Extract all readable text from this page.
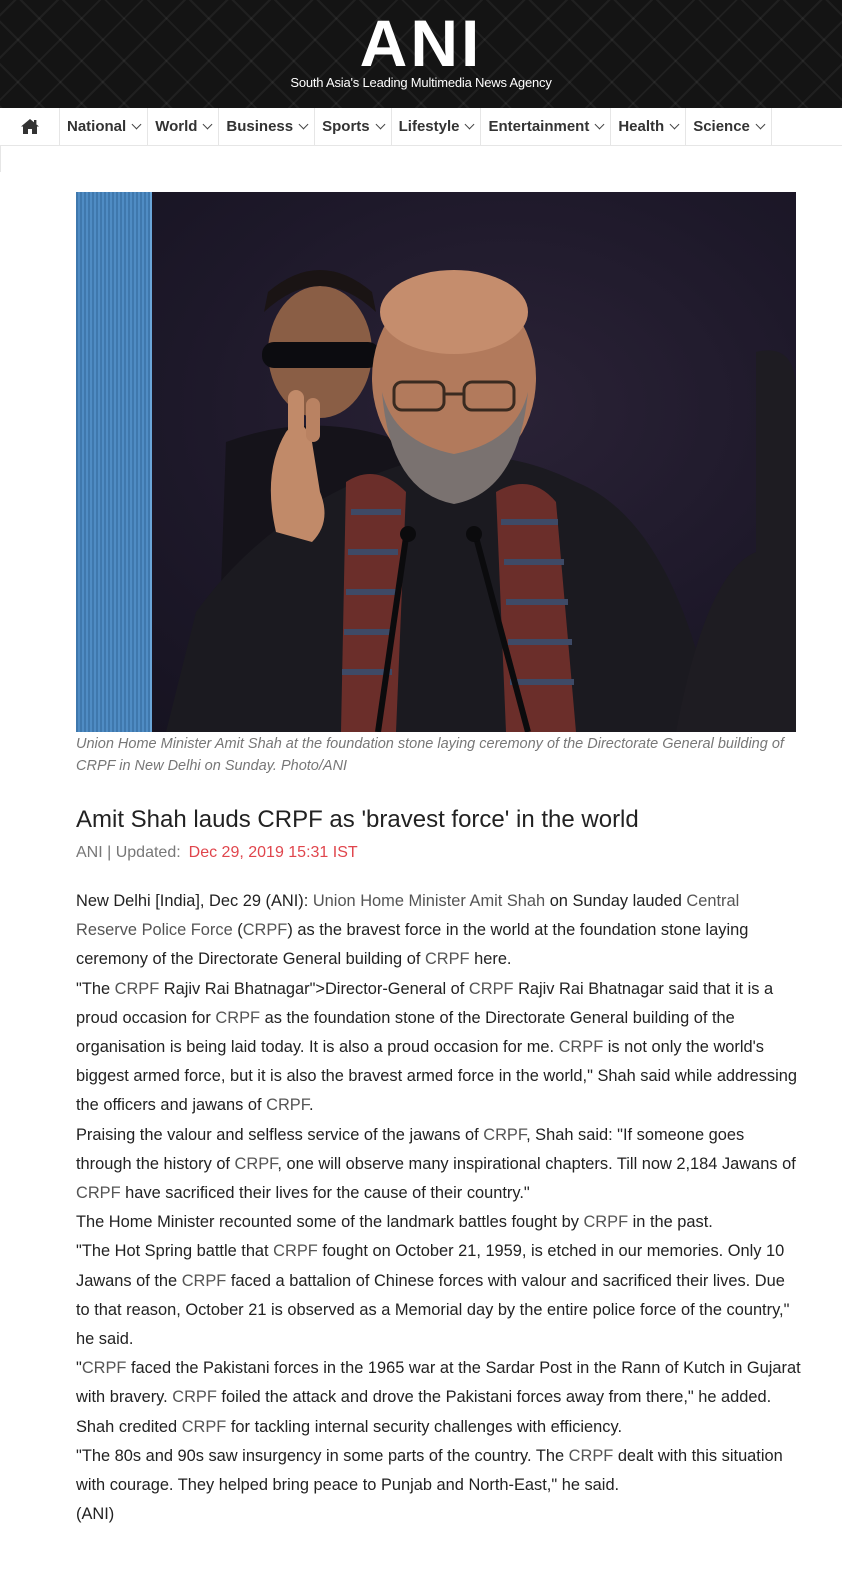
ANI
South Asia's Leading Multimedia News Agency
National World Business Sports Lifestyle Entertainment Health Science
Union Home Minister Amit Shah at the foundation stone laying ceremony of the Directorate General building of CRPF in New Delhi on Sunday. Photo/ANI
Amit Shah lauds CRPF as 'bravest force' in the world
ANI | Updated: Dec 29, 2019 15:31 IST

New Delhi [India], Dec 29 (ANI): Union Home Minister Amit Shah on Sunday lauded Central Reserve Police Force (CRPF) as the bravest force in the world at the foundation stone laying ceremony of the Directorate General building of CRPF here.

"The CRPF Rajiv Rai Bhatnagar">Director-General of CRPF Rajiv Rai Bhatnagar said that it is a proud occasion for CRPF as the foundation stone of the Directorate General building of the organisation is being laid today. It is also a proud occasion for me. CRPF is not only the world's biggest armed force, but it is also the bravest armed force in the world," Shah said while addressing the officers and jawans of CRPF.

Praising the valour and selfless service of the jawans of CRPF, Shah said: "If someone goes through the history of CRPF, one will observe many inspirational chapters. Till now 2,184 Jawans of CRPF have sacrificed their lives for the cause of their country."

The Home Minister recounted some of the landmark battles fought by CRPF in the past.

"The Hot Spring battle that CRPF fought on October 21, 1959, is etched in our memories. Only 10 Jawans of the CRPF faced a battalion of Chinese forces with valour and sacrificed their lives. Due to that reason, October 21 is observed as a Memorial day by the entire police force of the country," he said.

"CRPF faced the Pakistani forces in the 1965 war at the Sardar Post in the Rann of Kutch in Gujarat with bravery. CRPF foiled the attack and drove the Pakistani forces away from there," he added.

Shah credited CRPF for tackling internal security challenges with efficiency.

"The 80s and 90s saw insurgency in some parts of the country. The CRPF dealt with this situation with courage. They helped bring peace to Punjab and North-East," he said.

(ANI)
